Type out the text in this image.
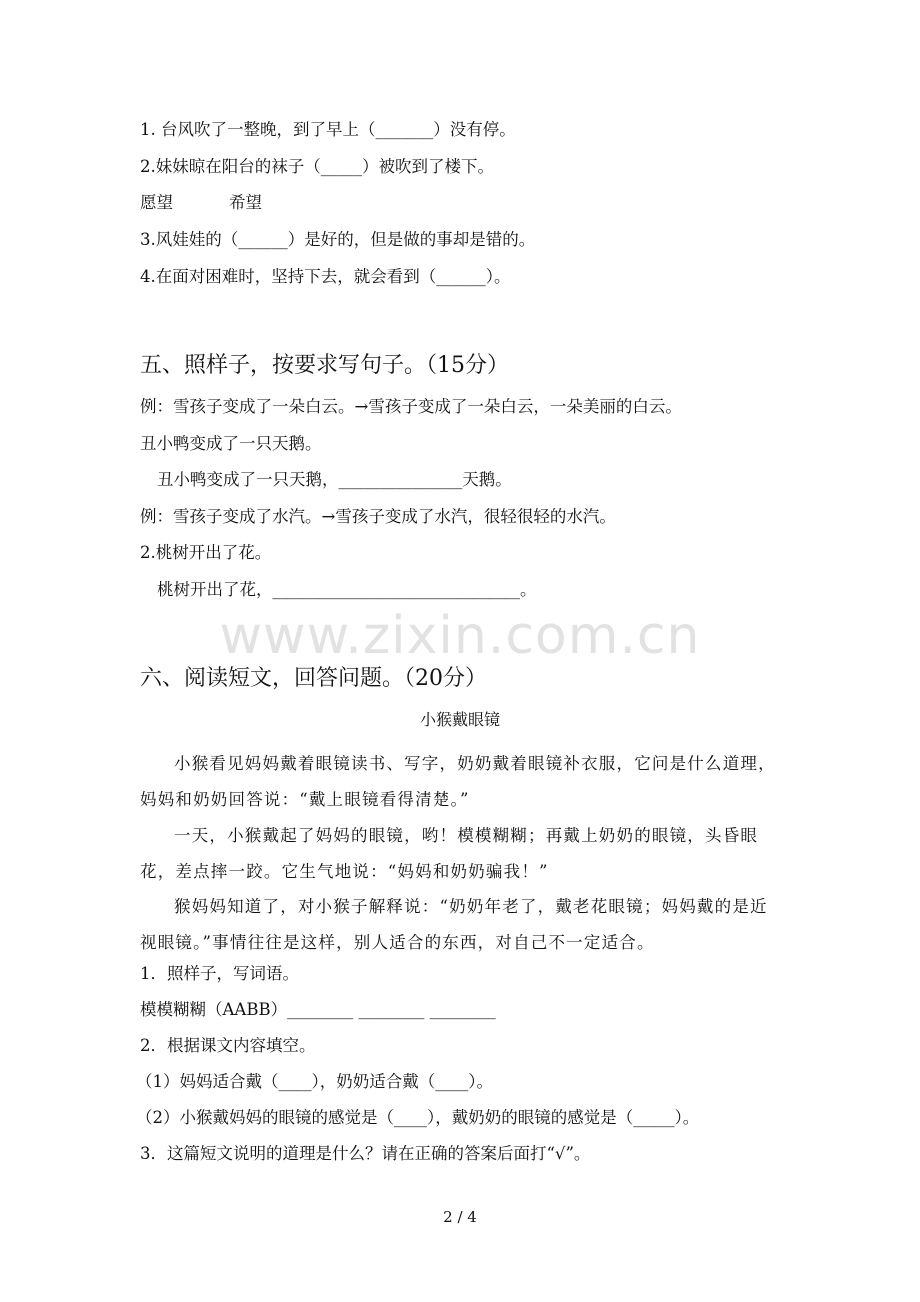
1. 台风吹了一整晚，到了早上（_______）没有停。
2.妹妹晾在阳台的袜子（_____）被吹到了楼下。
愿望	希望
3.风娃娃的（______）是好的，但是做的事却是错的。
4.在面对困难时，坚持下去，就会看到（______）。
五、照样子，按要求写句子。（15分）
例：雪孩子变成了一朵白云。→雪孩子变成了一朵白云，一朵美丽的白云。
丑小鸭变成了一只天鹅。
丑小鸭变成了一只天鹅，_______________天鹅。
例：雪孩子变成了水汽。→雪孩子变成了水汽，很轻很轻的水汽。
2.桃树开出了花。
桃树开出了花，______________________________。
www.zixin.com.cn
六、阅读短文，回答问题。（20分）
小猴戴眼镜
小猴看见妈妈戴着眼镜读书、写字，奶奶戴着眼镜补衣服，它问是什么道理，妈妈和奶奶回答说：“戴上眼镜看得清楚。”
一天，小猴戴起了妈妈的眼镜，哟！模模糊糊；再戴上奶奶的眼镜，头昏眼花，差点摔一跤。它生气地说：“妈妈和奶奶骗我！”
猴妈妈知道了，对小猴子解释说：“奶奶年老了，戴老花眼镜；妈妈戴的是近视眼镜。”事情往往是这样，别人适合的东西，对自己不一定适合。
1．照样子，写词语。
模模糊糊（AABB）________ ________ ________
2．根据课文内容填空。
（1）妈妈适合戴（____），奶奶适合戴（____）。
（2）小猴戴妈妈的眼镜的感觉是（____），戴奶奶的眼镜的感觉是（_____）。
3．这篇短文说明的道理是什么？请在正确的答案后面打“√”。
2 / 4
